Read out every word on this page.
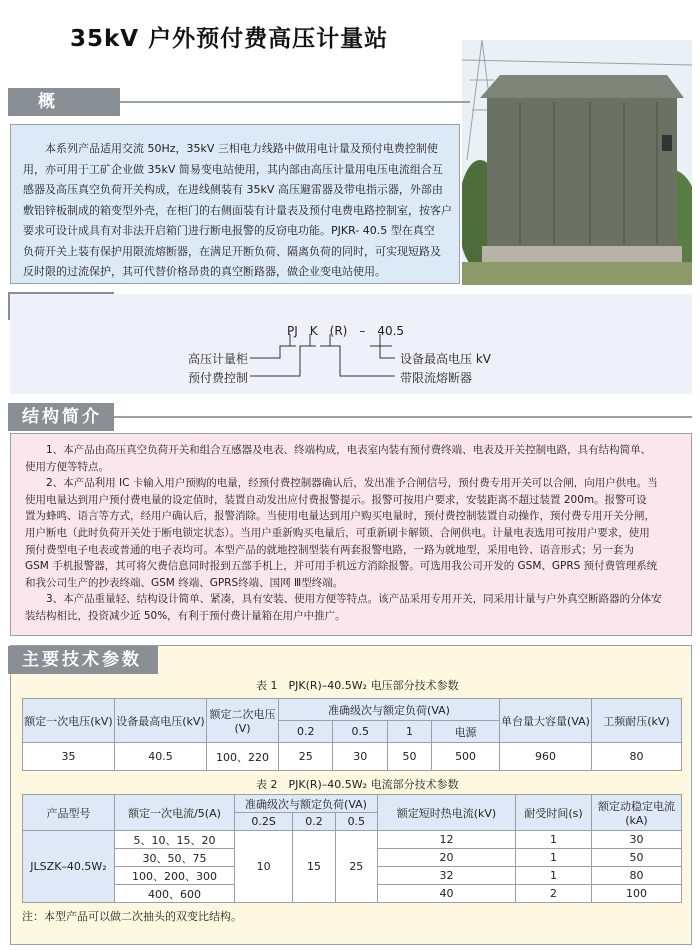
35kV 户外预付费高压计量站
概　
　　本系列产品适用交流 50Hz，35kV 三相电力线路中做用电计量及预付电费控制使
用，亦可用于工矿企业做 35kV 简易变电站使用，其内部由高压计量用电压电流组合互
感器及高压真空负荷开关构成，在进线侧装有 35kV 高压避雷器及带电指示器，外部由
敷铝锌板制成的箱变型外壳，在柜门的右侧面装有计量表及预付电费电路控制室，按客户
要求可设计成具有对非法开启箱门进行断电报警的反窃电功能。PJKR- 40.5 型在真空
负荷开关上装有保护用限流熔断器，在满足开断负荷、隔离负荷的同时，可实现短路及
反时限的过流保护，其可代替价格昂贵的真空断路器，做企业变电站使用。
PJ　K　(R)　–　40.5
高压计量柜
预付费控制
设备最高电压 kV
带限流熔断器
结构简介
　　1、本产品由高压真空负荷开关和组合互感器及电表、终端构成，电表室内装有预付费终端、电表及开关控制电路，具有结构简单、
使用方便等特点。
　　2、本产品利用 IC 卡输入用户预购的电量，经预付费控制器确认后，发出准予合闸信号，预付费专用开关可以合闸，向用户供电。当
使用电量达到用户预付费电量的设定值时，装置自动发出应付费报警提示。报警可按用户要求，安装距离不超过装置 200m。报警可设
置为蜂鸣、语言等方式，经用户确认后，报警消除。当使用电量达到用户购买电量时，预付费控制装置自动操作，预付费专用开关分闸，
用户断电（此时负荷开关处于断电锁定状态）。当用户重新购买电量后，可重新刷卡解锁、合闸供电。计量电表选用可按用户要求，使用
预付费型电子电表或普通的电子表均可。本型产品的就地控制型装有两套报警电路，一路为就地型，采用电铃、语音形式；另一套为
GSM 手机报警器，其可将欠费信息同时报到五部手机上，并可用手机远方消除报警。可选用我公司开发的 GSM、GPRS 预付费管理系统
和我公司生产的抄表终端、GSM 终端、GPRS终端、国网 Ⅲ型终端。
　　3、本产品重量轻、结构设计简单、紧凑，具有安装、使用方便等特点。该产品采用专用开关，同采用计量与户外真空断路器的分体安
装结构相比，投资减少近 50%，有利于预付费计量箱在用户中推广。
主要技术参数
表 1　PJK(R)–40.5W₂ 电压部分技术参数
额定一次电压(kV)	设备最高电压(kV)	额定二次电压(V)	准确级次与额定负荷(VA)				单台量大容量(VA)	工频耐压(kV)
			0.2	0.5	1	电源		
35	40.5	100、220	25	30	50	500	960	80
表 2　PJK(R)–40.5W₂ 电流部分技术参数
产品型号	额定一次电流/5(A)	准确级次与额定负荷(VA)			额定短时热电流(kV)	耐受时间(s)	额定动稳定电流(kA)
		0.2S	0.2	0.5			
JLSZK–40.5W₂	5、10、15、20	10	15	25	12	1	30
	30、50、75				20	1	50
	100、200、300				32	1	80
	400、600				40	2	100
注：本型产品可以做二次抽头的双变比结构。
